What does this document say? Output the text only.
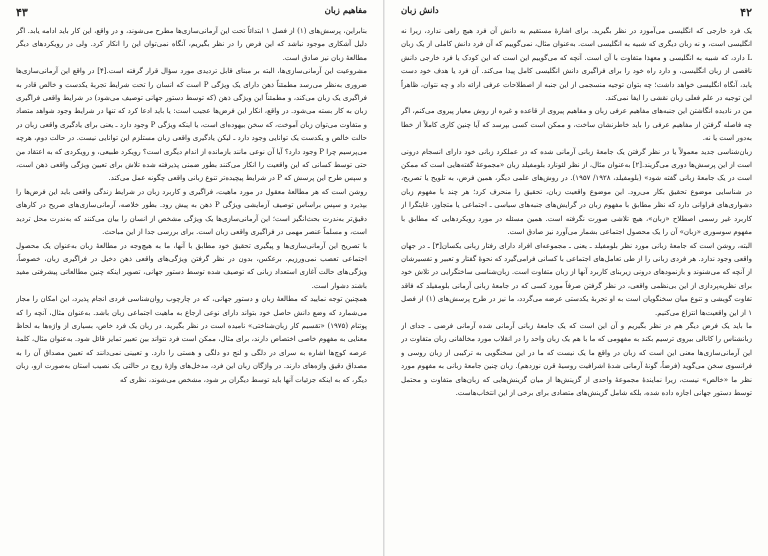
۴۳	مفاهیم زبان

بنابراین، پرسش‌های (۱) از فصل ۱ ابتدائاً تحت این آرمانی‌سازی‌ها مطرح می‌شوند، و در واقع، این کار باید ادامه یابد. اگر دلیل آشکاری موجود نباشد که این فرض را در نظر بگیریم، آنگاه نمی‌توان این را انکار کرد. ولی در رویکردهای دیگر مطالعهٔ زبان نیز صادق است.

مشروعیت این آرمانی‌سازی‌ها، البته بر مبنای قابل تردیدی مورد سؤال قرار گرفته است.[۴] در واقع این آرمانی‌سازی‌ها ضروری به‌نظر می‌رسد مطمئناً ذهن دارای یک ویژگی P است که انسان را تحت شرایط تجربهٔ یکدست و خالص قادر به فراگیری یک زبان می‌کند، و مطمئناً این ویژگی ذهن (که توسط دستور جهانی توصیف می‌شود) در شرایط واقعی فراگیری زبان به کار بسته می‌شود. در واقع، انکار این فرض‌ها عجیب است: یا باید ادعا کرد که تنها در شرایط وجود شواهد متضاد و متفاوت می‌توان زبان آموخت، که سخن بیهوده‌ای است، یا اینکه ویژگی P وجود دارد ـ یعنی برای یادگیری واقعی زبان در حالت خالص و یکدست یک توانایی وجود دارد ـ لیکن یادگیری واقعی زبان مستلزم این توانایی نیست. در حالت دوم، هرچه می‌پرسیم چرا P وجود دارد؟ آیا آن نوعی مانند بازمانده از اندام دیگری است؟ رویکرد طبیعی، و رویکردی که به اعتقاد من حتی توسط کسانی که این واقعیت را انکار می‌کنند بطور ضمنی پذیرفته شده تلاش برای تعیین ویژگی واقعی ذهن است، و سپس طرح این پرسش که P در شرایط پیچیده‌تر تنوع زبانی واقعی چگونه عمل می‌کند.

روشن است که هر مطالعهٔ معقول در مورد ماهیت، فراگیری و کاربرد زبان در شرایط زندگی واقعی باید این فرض‌ها را بپذیرد و سپس براساس توصیف آزمایشی ویژگی P ذهن به پیش رود. بطور خلاصه، آرمانی‌سازی‌های صریح در کارهای دقیق‌تر به‌ندرت بحث‌انگیز است؛ این آرمانی‌سازی‌ها یک ویژگی مشخص از انسان را بیان می‌کنند که به‌ندرت محل تردید است، و مسلماً عنصر مهمی در فراگیری واقعی زبان است. برای بررسی جدا از این مباحث.

با تصریح این آرمانی‌سازی‌ها و پیگیری تحقیق خود مطابق با آنها، ما به هیچ‌وجه در مطالعهٔ زبان به‌عنوان یک محصول اجتماعی تعصب نمی‌ورزیم. برعکس، بدون در نظر گرفتن ویژگی‌های واقعی ذهن دخیل در فراگیری زبان، خصوصاً، ویژگی‌های حالت آغازی استعداد زبانی که توصیف شده توسط دستور جهانی، تصویر اینکه چنین مطالعاتی پیشرفتی مفید باشند دشوار است.

همچنین توجه نمایید که مطالعهٔ زبان و دستور جهانی، که در چارچوب روان‌شناسی فردی انجام پذیرد، این امکان را مجاز می‌شمارد که وضع دانش حاصل خود بتواند دارای نوعی ارجاع به ماهیت اجتماعی زبان باشد. به‌عنوان مثال، آنچه را که پوتنام (۱۹۷۵) «تقسیم کار زبان‌شناختی» نامیده است در نظر بگیرید. در زبان یک فرد خاص، بسیاری از واژه‌ها به لحاظ معنایی به مفهوم خاصی اختصاص دارند، برای مثال، ممکن است فرد نتواند بین تعبیر تمایز قائل شود. به‌عنوان مثال، کلمهٔ عرصه کوچ‌ها اشاره به سرای در دلگی و لنج دو دلگی و هستی را دارد. و تعیینی نمی‌دانند که تعیین مصداق آن را به مصداق دقیق واژه‌های دارند. در واژگان زبان این فرد، مدخل‌های واژهٔ زوج در حالتی یک نصیب استان به‌صورت ازو، زبان دیگر، که به اینکه جزئیات آنها باید توسط دیگران بر شود، مشخص می‌شوند، نظری که

۴۲
دانش زبان

یک فرد خارجی که انگلیسی می‌آموزد در نظر بگیرید. برای اشارهٔ مستقیم به دانش آن فرد هیچ راهی ندارد، زیرا نه انگلیسی است، و نه زبان دیگری که شبیه به انگلیسی است. به‌عنوان مثال، نمی‌گوییم که آن فرد دانش کاملی از یک زبان L دارد، که شبیه به انگلیسی و معهذا متفاوت با آن است. آنچه که می‌گوییم این است که این کودک یا فرد خارجی دانش ناقصی از زبان انگلیسی، و دارد راه خود را برای فراگیری دانش انگلیسی کامل پیدا می‌کند. آن فرد یا هدف خود دست یابد، آنگاه انگلیسی خواهد داشت؛ چه بتوان توجیه منسجمی از این جنبه از اصطلاحات عرفی ارائه داد و چه نتوان، ظاهراً این توجیه در علم فعلی زبان نقشی را ایفا نمی‌کند.

من در نادیده انگاشتن این جنبه‌های مفاهیم عرفی زبان و مفاهیم پیروی از قاعده و غیره از روش معیار پیروی می‌کنم، اگر چه فاصله گرفتن از مفاهیم عرفی را باید خاطرنشان ساخت، و ممکن است کسی بپرسد که آیا چنین کاری کاملاً از خطا به‌دور است یا نه.

زبان‌شناسی جدید معمولاً یا در نظر گرفتن یک جامعهٔ زبانی آرمانی شده که در عملکرد زبانی خود دارای انسجام درونی است از این پرسش‌ها دوری می‌گزیند.[۲] به‌عنوان مثال، از نظر لئونارد بلومفیلد زبان «مجموعهٔ گفته‌هایی است که ممکن است در یک جامعهٔ زبانی گفته شود» (بلومفیلد، ۱۹۲۸/ ۱۹۵۷). در روش‌های علمی دیگر، همین فرض، به تلویح یا تصریح، در شناسایی موضوع تحقیق بکار می‌رود. این موضوع واقعیت زبان، تحقیق را منحرف کرد؛ هر چند با مفهوم زبان دشواری‌های فراوانی دارد که نظر مطابق با مفهوم زبان در گرایش‌های جنبه‌های سیاسی ـ اجتماعی یا متجاوز، غایتگرا از کاربرد غیر رسمی اصطلاح «زبان»، هیچ تلاشی صورت نگرفته است. همین مسئله در مورد رویکردهایی که مطابق با مفهوم سوسوری «زبان» آن را یک محصول اجتماعی بشمار می‌آورد نیز صادق است.

البته، روشن است که جامعهٔ زبانی مورد نظر بلومفیلد ـ یعنی ـ مجموعه‌ای افراد دارای رفتار زبانی یکسان[۳] ـ در جهان واقعی وجود ندارد. هر فردی زبانی را از طی تعامل‌های اجتماعی با کسانی فرامی‌گیرد که نحوهٔ گفتار و تعبیر و تفسیرشان از آنچه که می‌شنوند و بازنمودهای درونی زیربنای کاربرد آنها از زبان متفاوت است. زبان‌شناسی ساختگرایی در تلاش خود برای نظریه‌پردازی از این بی‌نظمی واقعی، در نظر گرفتن صرفاً مورد کسی که در جامعهٔ زبانی آرمانی بلومفیلد که فاقد تفاوت گویشی و تنوع میان سخنگویان است به او تجربهٔ یکدستی عرضه می‌گردد، ما نیز در طرح پرسش‌های (۱) از فصل ۱ از این واقعیت‌ها انتزاع می‌کنیم.

ما باید یک فرض دیگر هم در نظر بگیریم و آن این است که یک جامعهٔ زبانی آرمانی شده آرمانی فرضی ـ جدای از زبانشناس را کانالی بیروی ترسیم بکند به مفهومی که ما با هم یک زبان واحد را در انقلاب مورد مخالفانی زبان متفاوت در این آرمانی‌سازی‌ها معنی این است که زبان در واقع ما یک نیست که ما در این سخنگویی به ترکیبی از زبان روسی و فرانسوی سخن می‌گوید (فرضاً، گونهٔ آرمانی شدهٔ اشرافیت روسیهٔ قرن نوزدهم). زبان چنین جامعهٔ زبانی به مفهوم مورد نظر ما «خالص» نیست، زیرا نمایندهٔ مجموعهٔ واحدی از گزینش‌ها از میان گزینش‌هایی که زبان‌های متفاوت و محتمل توسط دستور جهانی اجازه داده شده، بلکه شامل گزینش‌های متضادی برای برخی از این انتخاب‌هاست.
